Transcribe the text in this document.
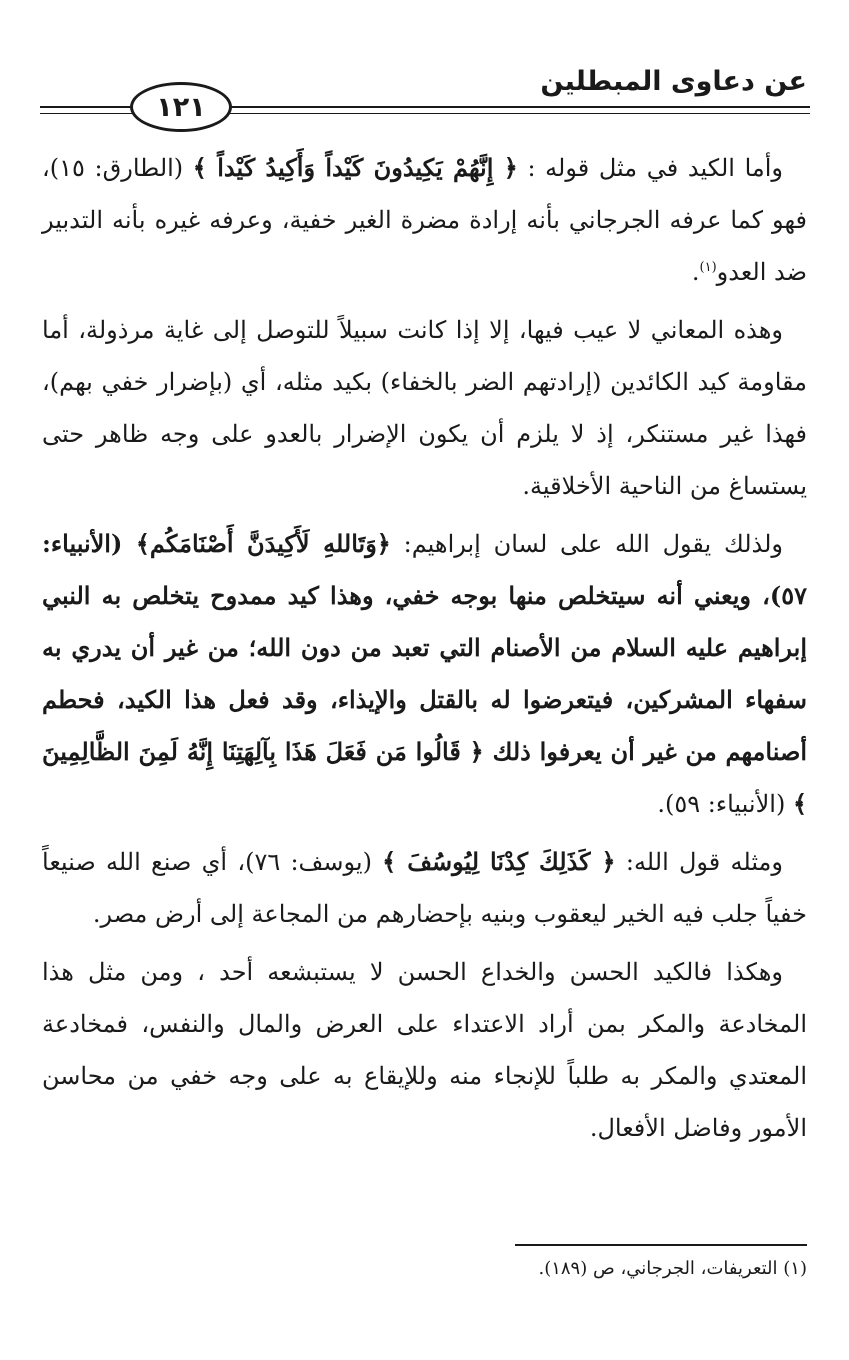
عن دعاوى المبطلين
١٢١

وأما الكيد في مثل قوله : ﴿ إِنَّهُمْ يَكِيدُونَ كَيْداً وَأَكِيدُ كَيْداً ﴾ (الطارق: ١٥)، فهو كما عرفه الجرجاني بأنه إرادة مضرة الغير خفية، وعرفه غيره بأنه التدبير ضد العدو$^{(١)}$.

وهذه المعاني لا عيب فيها، إلا إذا كانت سبيلاً للتوصل إلى غاية مرذولة، أما مقاومة كيد الكائدين (إرادتهم الضر بالخفاء) بكيد مثله، أي (بإضرار خفي بهم)، فهذا غير مستنكر، إذ لا يلزم أن يكون الإضرار بالعدو على وجه ظاهر حتى يستساغ من الناحية الأخلاقية.

ولذلك يقول الله على لسان إبراهيم: ﴿وَتَاللهِ لَأَكِيدَنَّ أَصْنَامَكُم﴾ (الأنبياء: ٥٧)، ويعني أنه سيتخلص منها بوجه خفي، وهذا كيد ممدوح يتخلص به النبي إبراهيم عليه السلام من الأصنام التي تعبد من دون الله؛ من غير أن يدري به سفهاء المشركين، فيتعرضوا له بالقتل والإيذاء، وقد فعل هذا الكيد، فحطم أصنامهم من غير أن يعرفوا ذلك ﴿ قَالُوا مَن فَعَلَ هَذَا بِآلِهَتِنَا إِنَّهُ لَمِنَ الظَّالِمِينَ ﴾ (الأنبياء: ٥٩).

ومثله قول الله: ﴿ كَذَلِكَ كِدْنَا لِيُوسُفَ ﴾ (يوسف: ٧٦)، أي صنع الله صنيعاً خفياً جلب فيه الخير ليعقوب وبنيه بإحضارهم من المجاعة إلى أرض مصر.

وهكذا فالكيد الحسن والخداع الحسن لا يستبشعه أحد ، ومن مثل هذا المخادعة والمكر بمن أراد الاعتداء على العرض والمال والنفس، فمخادعة المعتدي والمكر به طلباً للإنجاء منه وللإيقاع به على وجه خفي من محاسن الأمور وفاضل الأفعال.

(١) التعريفات، الجرجاني، ص (١٨٩).
